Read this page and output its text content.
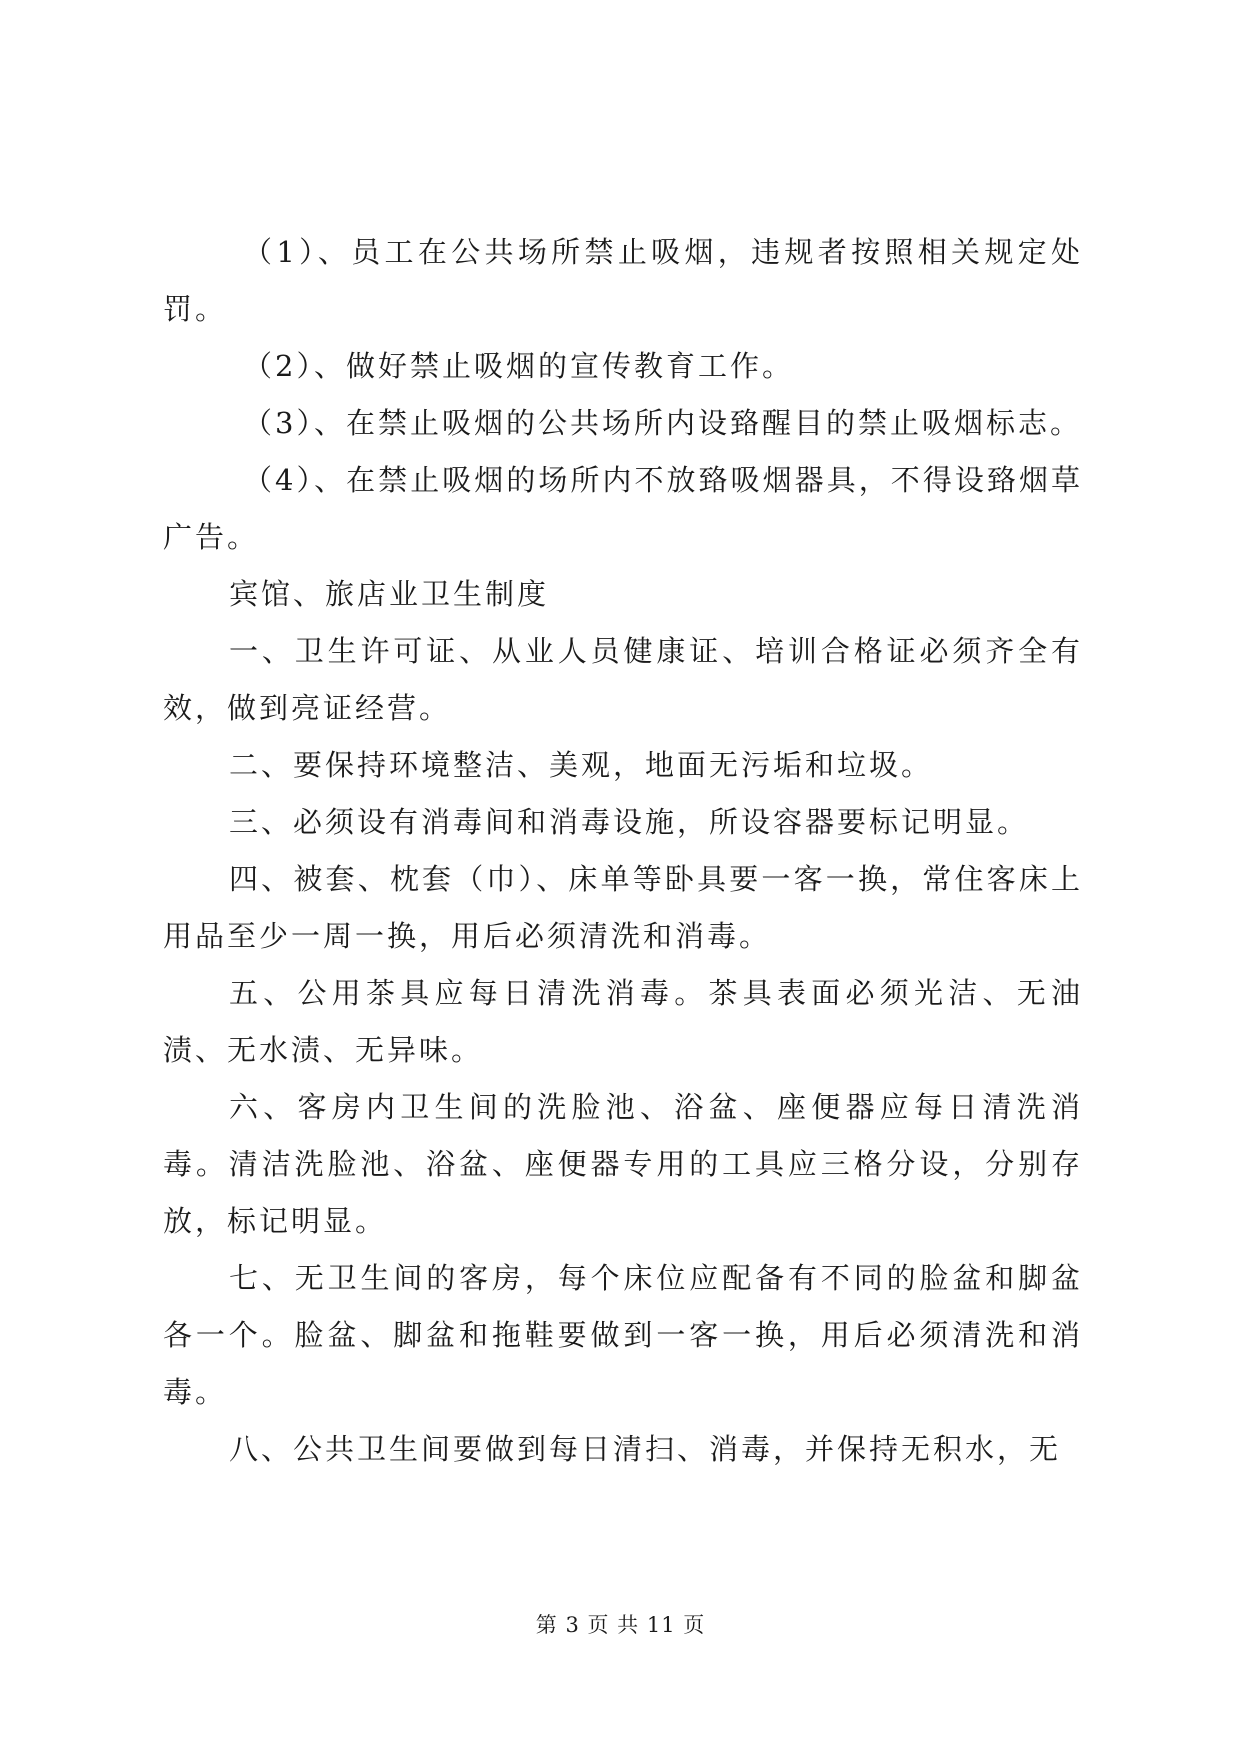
（1）、员工在公共场所禁止吸烟，违规者按照相关规定处罚。

（2）、做好禁止吸烟的宣传教育工作。

（3）、在禁止吸烟的公共场所内设臵醒目的禁止吸烟标志。

（4）、在禁止吸烟的场所内不放臵吸烟器具，不得设臵烟草广告。

宾馆、旅店业卫生制度

一、卫生许可证、从业人员健康证、培训合格证必须齐全有效，做到亮证经营。

二、要保持环境整洁、美观，地面无污垢和垃圾。

三、必须设有消毒间和消毒设施，所设容器要标记明显。

四、被套、枕套（巾）、床单等卧具要一客一换，常住客床上用品至少一周一换，用后必须清洗和消毒。

五、公用茶具应每日清洗消毒。茶具表面必须光洁、无油渍、无水渍、无异味。

六、客房内卫生间的洗脸池、浴盆、座便器应每日清洗消毒。清洁洗脸池、浴盆、座便器专用的工具应三格分设，分别存放，标记明显。

七、无卫生间的客房，每个床位应配备有不同的脸盆和脚盆各一个。脸盆、脚盆和拖鞋要做到一客一换，用后必须清洗和消毒。

八、公共卫生间要做到每日清扫、消毒，并保持无积水，无

第 3 页 共 11 页
